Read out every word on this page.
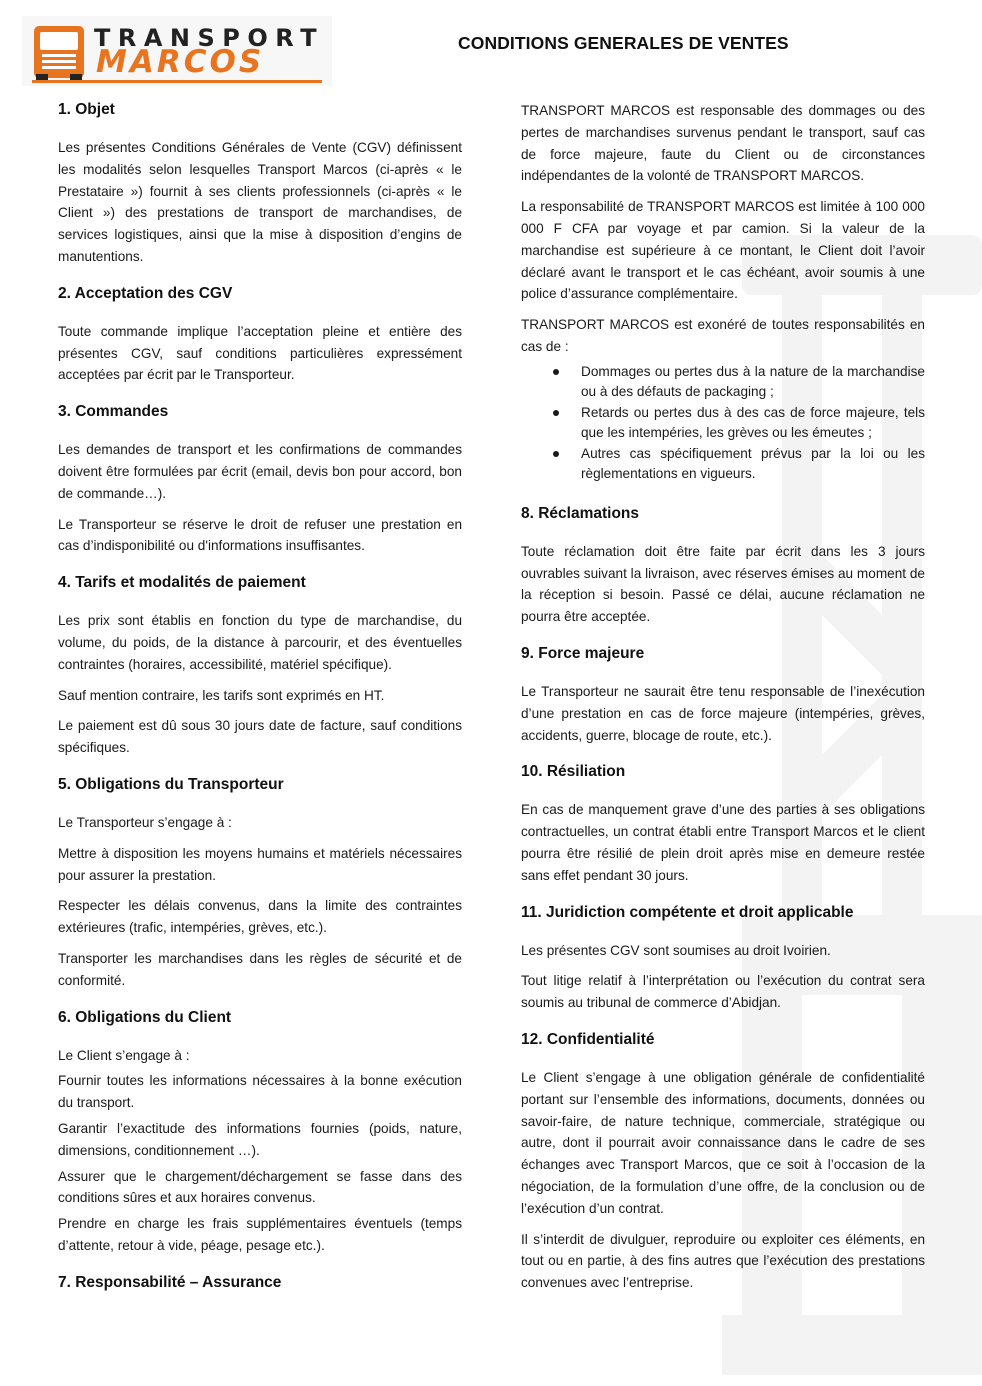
TRANSPORT
MARCOS
CONDITIONS GENERALES DE VENTES
1. Objet

Les présentes Conditions Générales de Vente (CGV) définissent les modalités selon lesquelles Transport Marcos (ci-après « le Prestataire ») fournit à ses clients professionnels (ci-après « le Client ») des prestations de transport de marchandises, de services logistiques, ainsi que la mise à disposition d’engins de manutentions.

2. Acceptation des CGV

Toute commande implique l’acceptation pleine et entière des présentes CGV, sauf conditions particulières expressément acceptées par écrit par le Transporteur.

3. Commandes

Les demandes de transport et les confirmations de commandes doivent être formulées par écrit (email, devis bon pour accord, bon de commande…).

Le Transporteur se réserve le droit de refuser une prestation en cas d’indisponibilité ou d'informations insuffisantes.

4. Tarifs et modalités de paiement

Les prix sont établis en fonction du type de marchandise, du volume, du poids, de la distance à parcourir, et des éventuelles contraintes (horaires, accessibilité, matériel spécifique).

Sauf mention contraire, les tarifs sont exprimés en HT.

Le paiement est dû sous 30 jours date de facture, sauf conditions spécifiques.

5. Obligations du Transporteur

Le Transporteur s’engage à :

Mettre à disposition les moyens humains et matériels nécessaires pour assurer la prestation.

Respecter les délais convenus, dans la limite des contraintes extérieures (trafic, intempéries, grèves, etc.).

Transporter les marchandises dans les règles de sécurité et de conformité.

6. Obligations du Client

Le Client s’engage à :

Fournir toutes les informations nécessaires à la bonne exécution du transport.

Garantir l’exactitude des informations fournies (poids, nature, dimensions, conditionnement …).

Assurer que le chargement/déchargement se fasse dans des conditions sûres et aux horaires convenus.

Prendre en charge les frais supplémentaires éventuels (temps d’attente, retour à vide, péage, pesage etc.).

7. Responsabilité – Assurance

TRANSPORT MARCOS est responsable des dommages ou des pertes de marchandises survenus pendant le transport, sauf cas de force majeure, faute du Client ou de circonstances indépendantes de la volonté de TRANSPORT MARCOS.

La responsabilité de TRANSPORT MARCOS est limitée à 100 000 000 F CFA par voyage et par camion. Si la valeur de la marchandise est supérieure à ce montant, le Client doit l’avoir déclaré avant le transport et le cas échéant, avoir soumis à une police d’assurance complémentaire.

TRANSPORT MARCOS est exonéré de toutes responsabilités en cas de :

Dommages ou pertes dus à la nature de la marchandise ou à des défauts de packaging ;
Retards ou pertes dus à des cas de force majeure, tels que les intempéries, les grèves ou les émeutes ;
Autres cas spécifiquement prévus par la loi ou les règlementations en vigueurs.
8. Réclamations

Toute réclamation doit être faite par écrit dans les 3 jours ouvrables suivant la livraison, avec réserves émises au moment de la réception si besoin. Passé ce délai, aucune réclamation ne pourra être acceptée.

9. Force majeure

Le Transporteur ne saurait être tenu responsable de l’inexécution d’une prestation en cas de force majeure (intempéries, grèves, accidents, guerre, blocage de route, etc.).

10. Résiliation

En cas de manquement grave d’une des parties à ses obligations contractuelles, un contrat établi entre Transport Marcos et le client pourra être résilié de plein droit après mise en demeure restée sans effet pendant 30 jours.

11. Juridiction compétente et droit applicable

Les présentes CGV sont soumises au droit Ivoirien.

Tout litige relatif à l’interprétation ou l’exécution du contrat sera soumis au tribunal de commerce d’Abidjan.

12. Confidentialité

Le Client s’engage à une obligation générale de confidentialité portant sur l’ensemble des informations, documents, données ou savoir-faire, de nature technique, commerciale, stratégique ou autre, dont il pourrait avoir connaissance dans le cadre de ses échanges avec Transport Marcos, que ce soit à l’occasion de la négociation, de la formulation d’une offre, de la conclusion ou de l’exécution d’un contrat.

Il s’interdit de divulguer, reproduire ou exploiter ces éléments, en tout ou en partie, à des fins autres que l’exécution des prestations convenues avec l’entreprise.
